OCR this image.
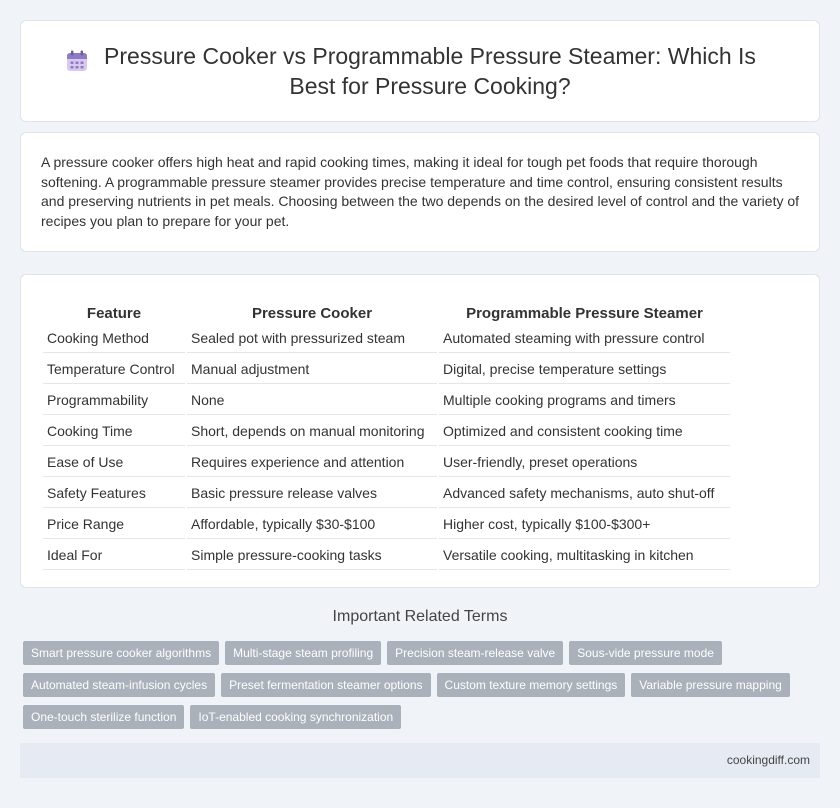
Pressure Cooker vs Programmable Pressure Steamer: Which Is Best for Pressure Cooking?

A pressure cooker offers high heat and rapid cooking times, making it ideal for tough pet foods that require thorough softening. A programmable pressure steamer provides precise temperature and time control, ensuring consistent results and preserving nutrients in pet meals. Choosing between the two depends on the desired level of control and the variety of recipes you plan to prepare for your pet.

Feature	Pressure Cooker	Programmable Pressure Steamer
Cooking Method	Sealed pot with pressurized steam	Automated steaming with pressure control
Temperature Control	Manual adjustment	Digital, precise temperature settings
Programmability	None	Multiple cooking programs and timers
Cooking Time	Short, depends on manual monitoring	Optimized and consistent cooking time
Ease of Use	Requires experience and attention	User-friendly, preset operations
Safety Features	Basic pressure release valves	Advanced safety mechanisms, auto shut-off
Price Range	Affordable, typically $30-$100	Higher cost, typically $100-$300+
Ideal For	Simple pressure-cooking tasks	Versatile cooking, multitasking in kitchen
Important Related Terms
Smart pressure cooker algorithms	Multi-stage steam profiling	Precision steam-release valve	Sous-vide pressure mode
Automated steam-infusion cycles	Preset fermentation steamer options	Custom texture memory settings	Variable pressure mapping
One-touch sterilize function	IoT-enabled cooking synchronization
cookingdiff.com
